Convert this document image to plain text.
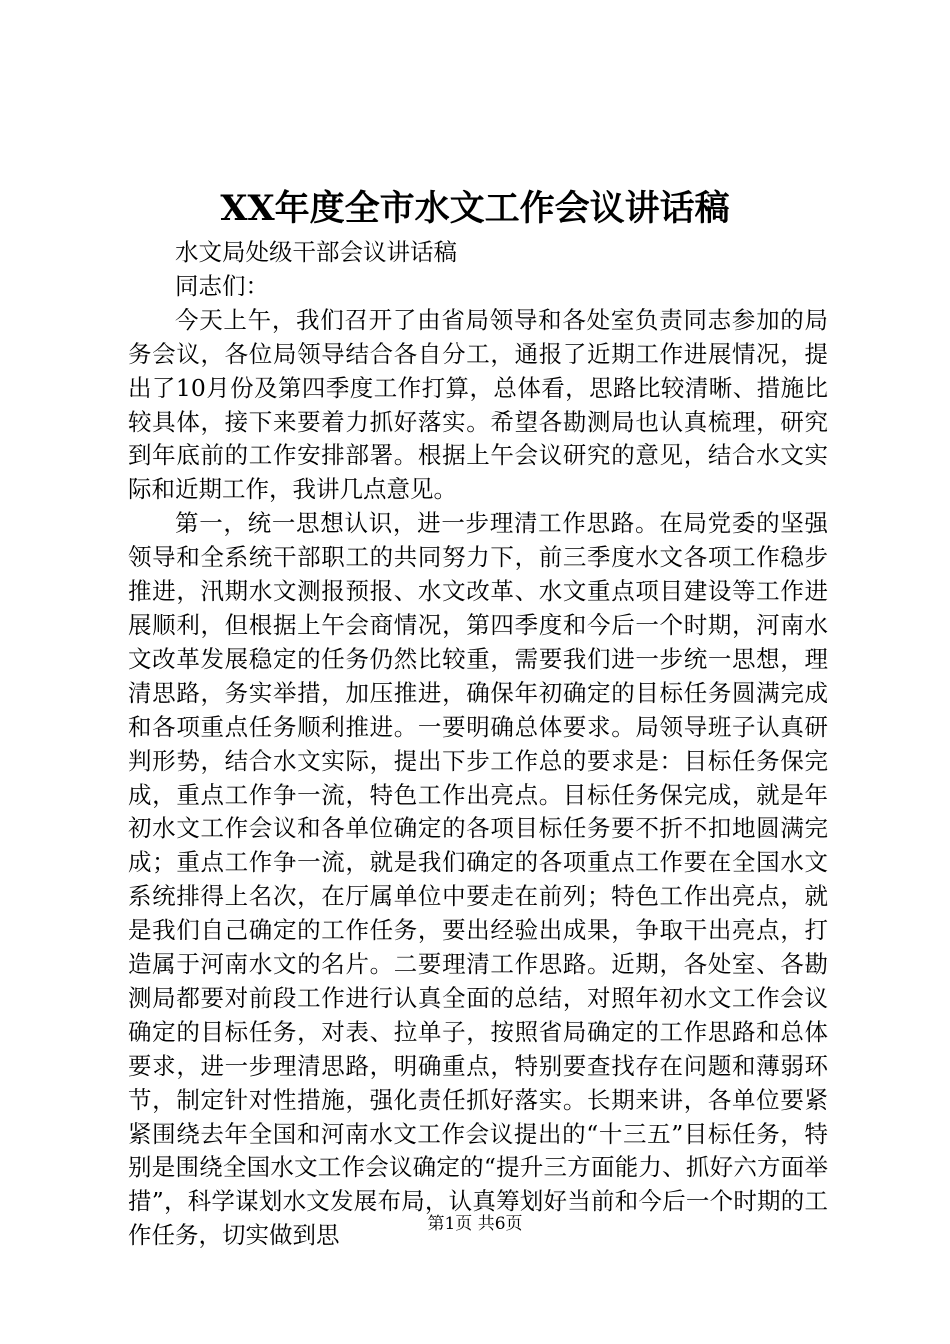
XX年度全市水文工作会议讲话稿

水文局处级干部会议讲话稿

同志们：

今天上午，我们召开了由省局领导和各处室负责同志参加的局务会议，各位局领导结合各自分工，通报了近期工作进展情况，提出了10月份及第四季度工作打算，总体看，思路比较清晰、措施比较具体，接下来要着力抓好落实。希望各勘测局也认真梳理，研究到年底前的工作安排部署。根据上午会议研究的意见，结合水文实际和近期工作，我讲几点意见。

第一，统一思想认识，进一步理清工作思路。在局党委的坚强领导和全系统干部职工的共同努力下，前三季度水文各项工作稳步推进，汛期水文测报预报、水文改革、水文重点项目建设等工作进展顺利，但根据上午会商情况，第四季度和今后一个时期，河南水文改革发展稳定的任务仍然比较重，需要我们进一步统一思想，理清思路，务实举措，加压推进，确保年初确定的目标任务圆满完成和各项重点任务顺利推进。一要明确总体要求。局领导班子认真研判形势，结合水文实际，提出下步工作总的要求是：目标任务保完成，重点工作争一流，特色工作出亮点。目标任务保完成，就是年初水文工作会议和各单位确定的各项目标任务要不折不扣地圆满完成；重点工作争一流，就是我们确定的各项重点工作要在全国水文系统排得上名次，在厅属单位中要走在前列；特色工作出亮点，就是我们自己确定的工作任务，要出经验出成果，争取干出亮点，打造属于河南水文的名片。二要理清工作思路。近期，各处室、各勘测局都要对前段工作进行认真全面的总结，对照年初水文工作会议确定的目标任务，对表、拉单子，按照省局确定的工作思路和总体要求，进一步理清思路，明确重点，特别要查找存在问题和薄弱环节，制定针对性措施，强化责任抓好落实。长期来讲，各单位要紧紧围绕去年全国和河南水文工作会议提出的“十三五”目标任务，特别是围绕全国水文工作会议确定的“提升三方面能力、抓好六方面举措”，科学谋划水文发展布局，认真筹划好当前和今后一个时期的工作任务，切实做到思	第1页 共6页
